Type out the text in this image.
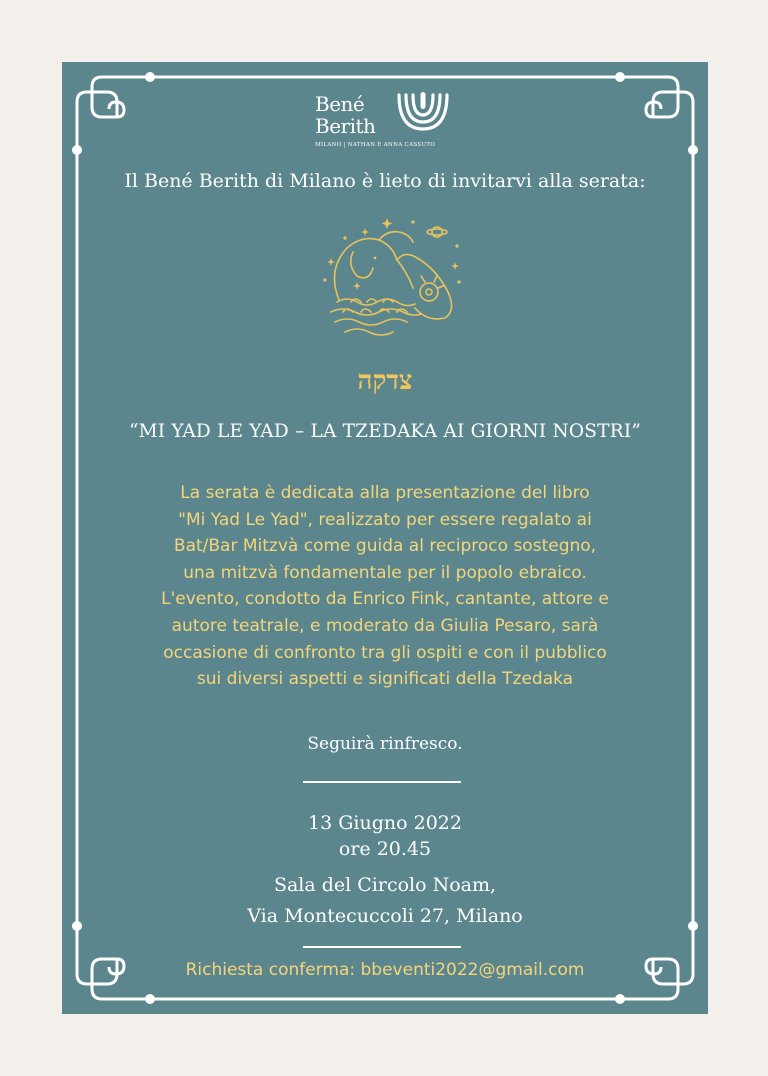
Bené
Berith
MILANO | NATHAN E ANNA CASSUTO
Il Bené Berith di Milano è lieto di invitarvi alla serata:
צדקה
“MI YAD LE YAD – LA TZEDAKA AI GIORNI NOSTRI”
La serata è dedicata alla presentazione del libro
"Mi Yad Le Yad", realizzato per essere regalato ai
Bat/Bar Mitzvà come guida al reciproco sostegno,
una mitzvà fondamentale per il popolo ebraico.
L'evento, condotto da Enrico Fink, cantante, attore e
autore teatrale, e moderato da Giulia Pesaro, sarà
occasione di confronto tra gli ospiti e con il pubblico
sui diversi aspetti e significati della Tzedaka
Seguirà rinfresco.
13 Giugno 2022
ore 20.45
Sala del Circolo Noam,
Via Montecuccoli 27, Milano
Richiesta conferma: bbeventi2022@gmail.com
